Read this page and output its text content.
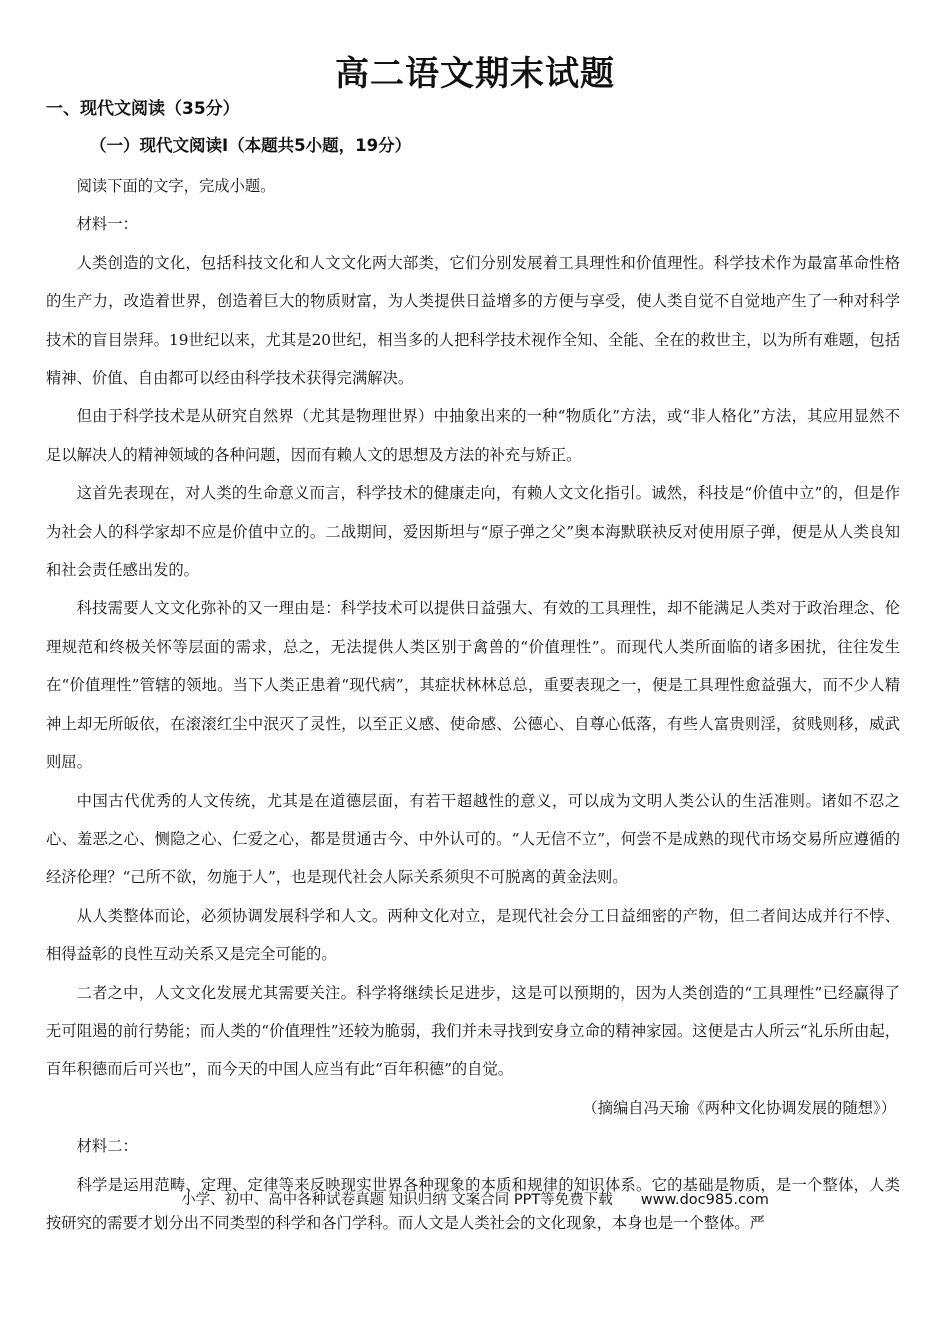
高二语文期末试题
一、现代文阅读（35分）
（一）现代文阅读Ⅰ（本题共5小题，19分）

阅读下面的文字，完成小题。

材料一：

人类创造的文化，包括科技文化和人文文化两大部类，它们分别发展着工具理性和价值理性。科学技术作为最富革命性格的生产力，改造着世界，创造着巨大的物质财富，为人类提供日益增多的方便与享受，使人类自觉不自觉地产生了一种对科学技术的盲目崇拜。19世纪以来，尤其是20世纪，相当多的人把科学技术视作全知、全能、全在的救世主，以为所有难题，包括精神、价值、自由都可以经由科学技术获得完满解决。

但由于科学技术是从研究自然界（尤其是物理世界）中抽象出来的一种“物质化”方法，或“非人格化”方法，其应用显然不足以解决人的精神领域的各种问题，因而有赖人文的思想及方法的补充与矫正。

这首先表现在，对人类的生命意义而言，科学技术的健康走向，有赖人文文化指引。诚然，科技是“价值中立”的，但是作为社会人的科学家却不应是价值中立的。二战期间，爱因斯坦与“原子弹之父”奥本海默联袂反对使用原子弹，便是从人类良知和社会责任感出发的。

科技需要人文文化弥补的又一理由是：科学技术可以提供日益强大、有效的工具理性，却不能满足人类对于政治理念、伦理规范和终极关怀等层面的需求，总之，无法提供人类区别于禽兽的“价值理性”。而现代人类所面临的诸多困扰，往往发生在“价值理性”管辖的领地。当下人类正患着“现代病”，其症状林林总总，重要表现之一，便是工具理性愈益强大，而不少人精神上却无所皈依，在滚滚红尘中泯灭了灵性，以至正义感、使命感、公德心、自尊心低落，有些人富贵则淫，贫贱则移，威武则屈。

中国古代优秀的人文传统，尤其是在道德层面，有若干超越性的意义，可以成为文明人类公认的生活准则。诸如不忍之心、羞恶之心、恻隐之心、仁爱之心，都是贯通古今、中外认可的。“人无信不立”，何尝不是成熟的现代市场交易所应遵循的经济伦理？“己所不欲，勿施于人”，也是现代社会人际关系须臾不可脱离的黄金法则。

从人类整体而论，必须协调发展科学和人文。两种文化对立，是现代社会分工日益细密的产物，但二者间达成并行不悖、相得益彰的良性互动关系又是完全可能的。

二者之中，人文文化发展尤其需要关注。科学将继续长足进步，这是可以预期的，因为人类创造的“工具理性”已经赢得了无可阻遏的前行势能；而人类的“价值理性”还较为脆弱，我们并未寻找到安身立命的精神家园。这便是古人所云“礼乐所由起，百年积德而后可兴也”，而今天的中国人应当有此“百年积德”的自觉。

（摘编自冯天瑜《两种文化协调发展的随想》）

材料二：

科学是运用范畴、定理、定律等来反映现实世界各种现象的本质和规律的知识体系。它的基础是物质，是一个整体，人类按研究的需要才划分出不同类型的科学和各门学科。而人文是人类社会的文化现象，本身也是一个整体。严

小学、初中、高中各种试卷真题 知识归纳 文案合同 PPT等免费下载 www.doc985.com
